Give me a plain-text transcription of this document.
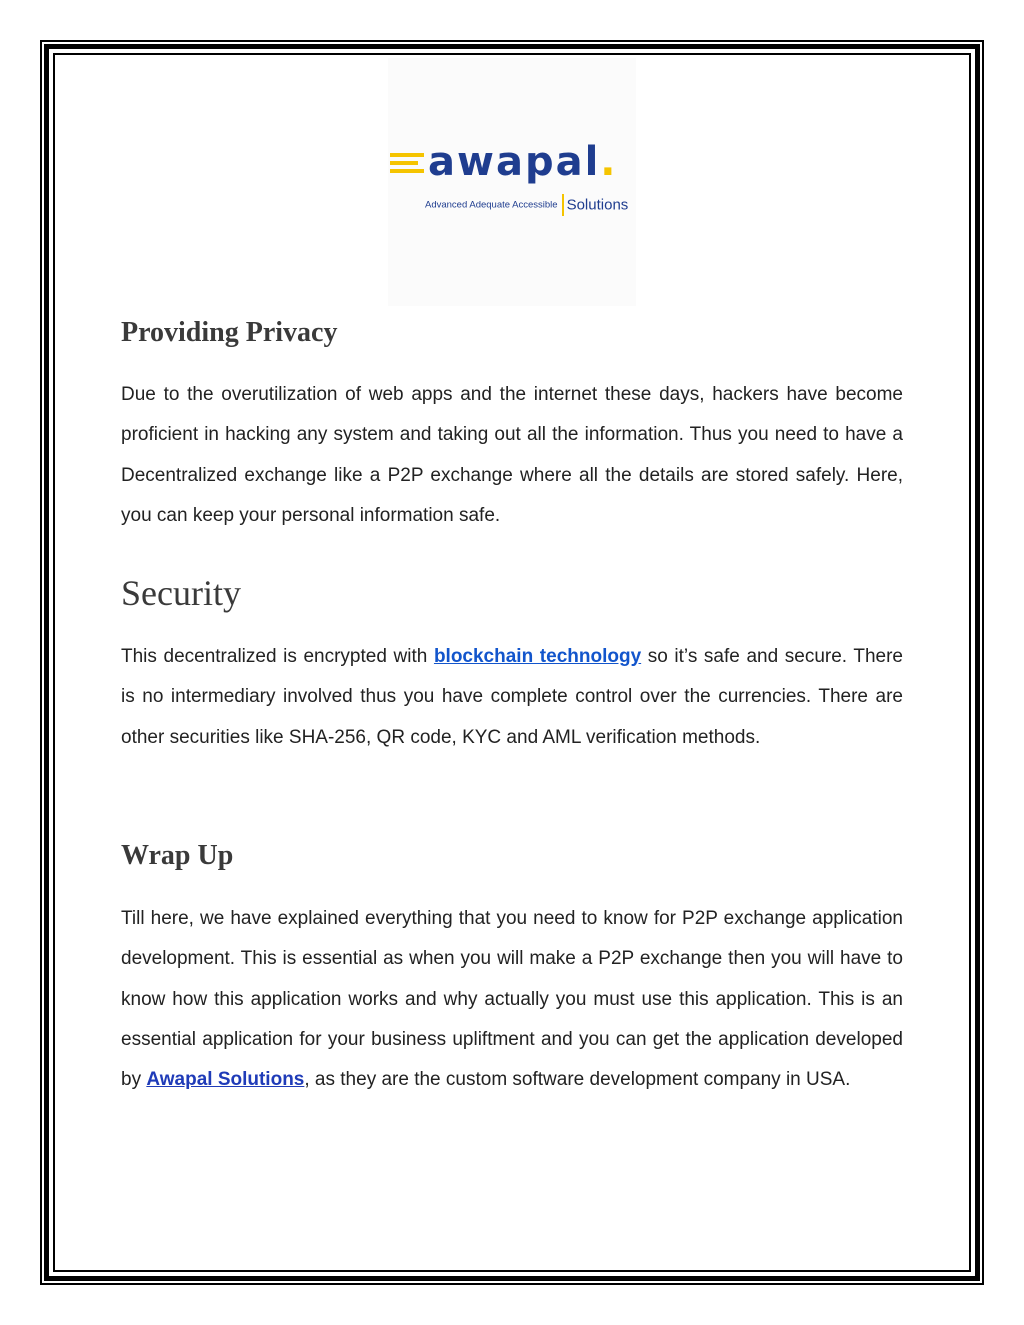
awapal.
Advanced Adequate Accessible Solutions
Providing Privacy

Due to the overutilization of web apps and the internet these days, hackers have become proficient in hacking any system and taking out all the information. Thus you need to have a Decentralized exchange like a P2P exchange where all the details are stored safely. Here, you can keep your personal information safe.

Security

This decentralized is encrypted with blockchain technology so it’s safe and secure. There is no intermediary involved thus you have complete control over the currencies. There are other securities like SHA-256, QR code, KYC and AML verification methods.

Wrap Up

Till here, we have explained everything that you need to know for P2P exchange application development. This is essential as when you will make a P2P exchange then you will have to know how this application works and why actually you must use this application. This is an essential application for your business upliftment and you can get the application developed by Awapal Solutions, as they are the custom software development company in USA.
